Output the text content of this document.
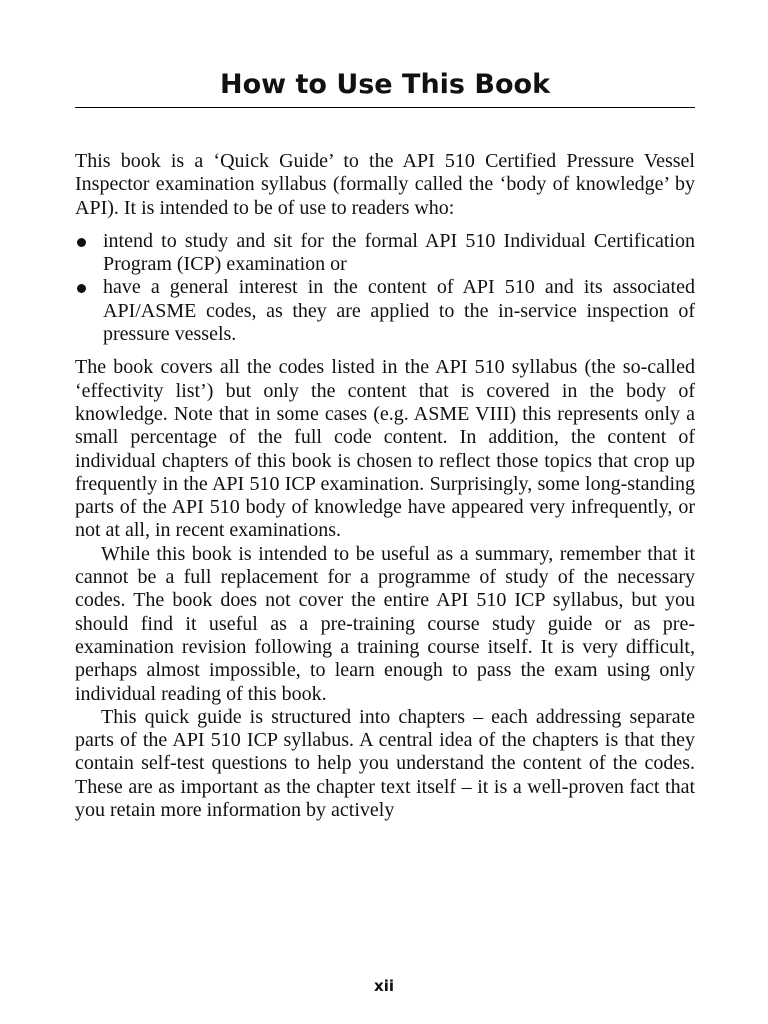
How to Use This Book

This book is a ‘Quick Guide’ to the API 510 Certified Pressure Vessel Inspector examination syllabus (formally called the ‘body of knowledge’ by API). It is intended to be of use to readers who:

intend to study and sit for the formal API 510 Individual Certification Program (ICP) examination or
have a general interest in the content of API 510 and its associated API/ASME codes, as they are applied to the in-service inspection of pressure vessels.

The book covers all the codes listed in the API 510 syllabus (the so-called ‘effectivity list’) but only the content that is covered in the body of knowledge. Note that in some cases (e.g. ASME VIII) this represents only a small percentage of the full code content. In addition, the content of individual chapters of this book is chosen to reflect those topics that crop up frequently in the API 510 ICP examination. Surprisingly, some long-standing parts of the API 510 body of knowledge have appeared very infrequently, or not at all, in recent examinations.

While this book is intended to be useful as a summary, remember that it cannot be a full replacement for a programme of study of the necessary codes. The book does not cover the entire API 510 ICP syllabus, but you should find it useful as a pre-training course study guide or as pre-examination revision following a training course itself. It is very difficult, perhaps almost impossible, to learn enough to pass the exam using only individual reading of this book.

This quick guide is structured into chapters – each addressing separate parts of the API 510 ICP syllabus. A central idea of the chapters is that they contain self-test questions to help you understand the content of the codes. These are as important as the chapter text itself – it is a well-proven fact that you retain more information by actively

xii
